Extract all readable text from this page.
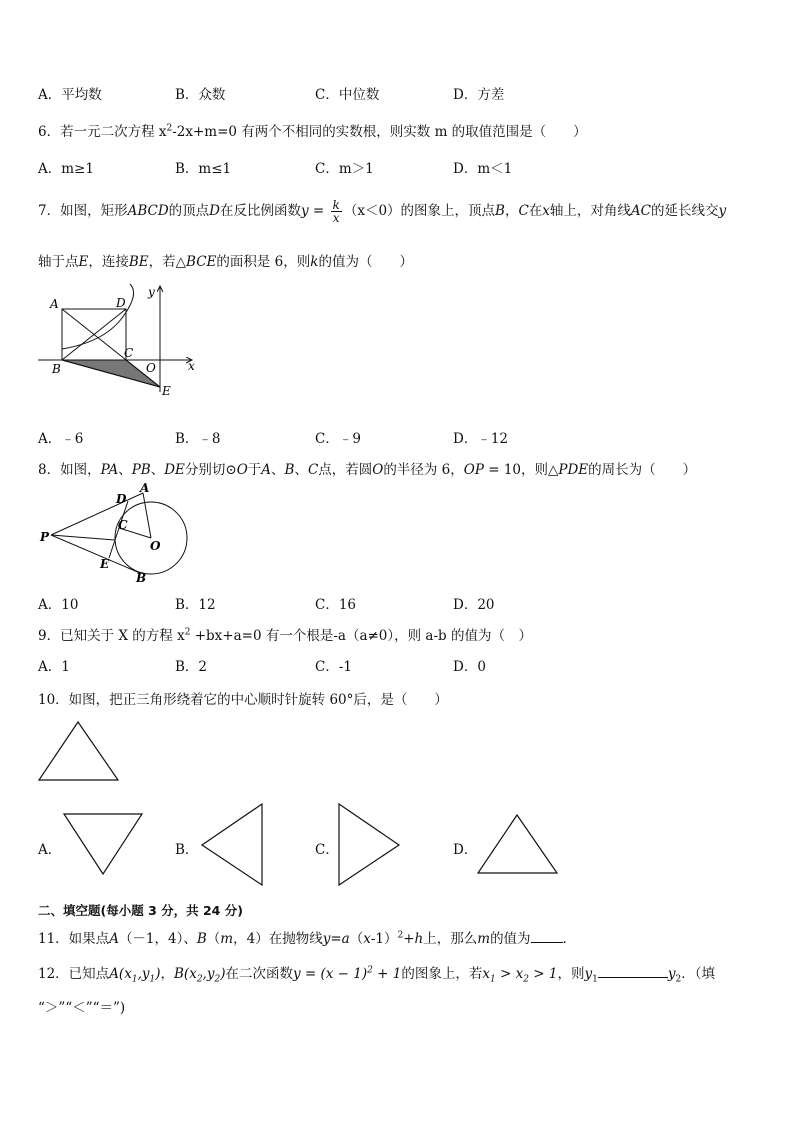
A．平均数	B．众数	C．中位数	D．方差
6．若一元二次方程 $x^2-2x+m=0$ 有两个不相同的实数根，则实数 m 的取值范围是（　　）
A．m≥1	B．m≤1	C．m＞1	D．m＜1
7．如图，矩形ABCD的顶点D在反比例函数$y = \frac{k}{x} (x<0)$的图象上，顶点B，C在x轴上，对角线AC的延长线交y
轴于点E，连接BE，若△BCE的面积是 6，则k的值为（　　）
A	D
y
C
O	x
B
E
A．﹣6	B．﹣8	C．﹣9	D．﹣12
8．如图，PA、PB、DE分别切⊙O于A、B、C点，若圆O的半径为 6，OP = 10，则△PDE的周长为（　　）
D
A
C
P
O
E
B
A．10	B．12	C．16	D．20
9．已知关于 X 的方程 $x^2 +bx+a=0$ 有一个根是-a（a≠0），则 a-b 的值为（　）
A．1	B．2	C．-1	D．0
10．如图，把正三角形绕着它的中心顺时针旋转 60°后，是（　　）
A．	B．	C．	D．
二、填空题(每小题 3 分，共 24 分)
11．如果点A（－1，4）、B（m，4）在抛物线$y=a(x-1)^2+h$上，那么m的值为 ．
12．已知点$A(x_1,y_1)$，$B(x_2,y_2)$在二次函数$y = (x - 1)^2 + 1$的图象上，若$x_1 > x_2 > 1$，则$y_1$	$y_2$．（填
“＞”“＜”“＝”)
